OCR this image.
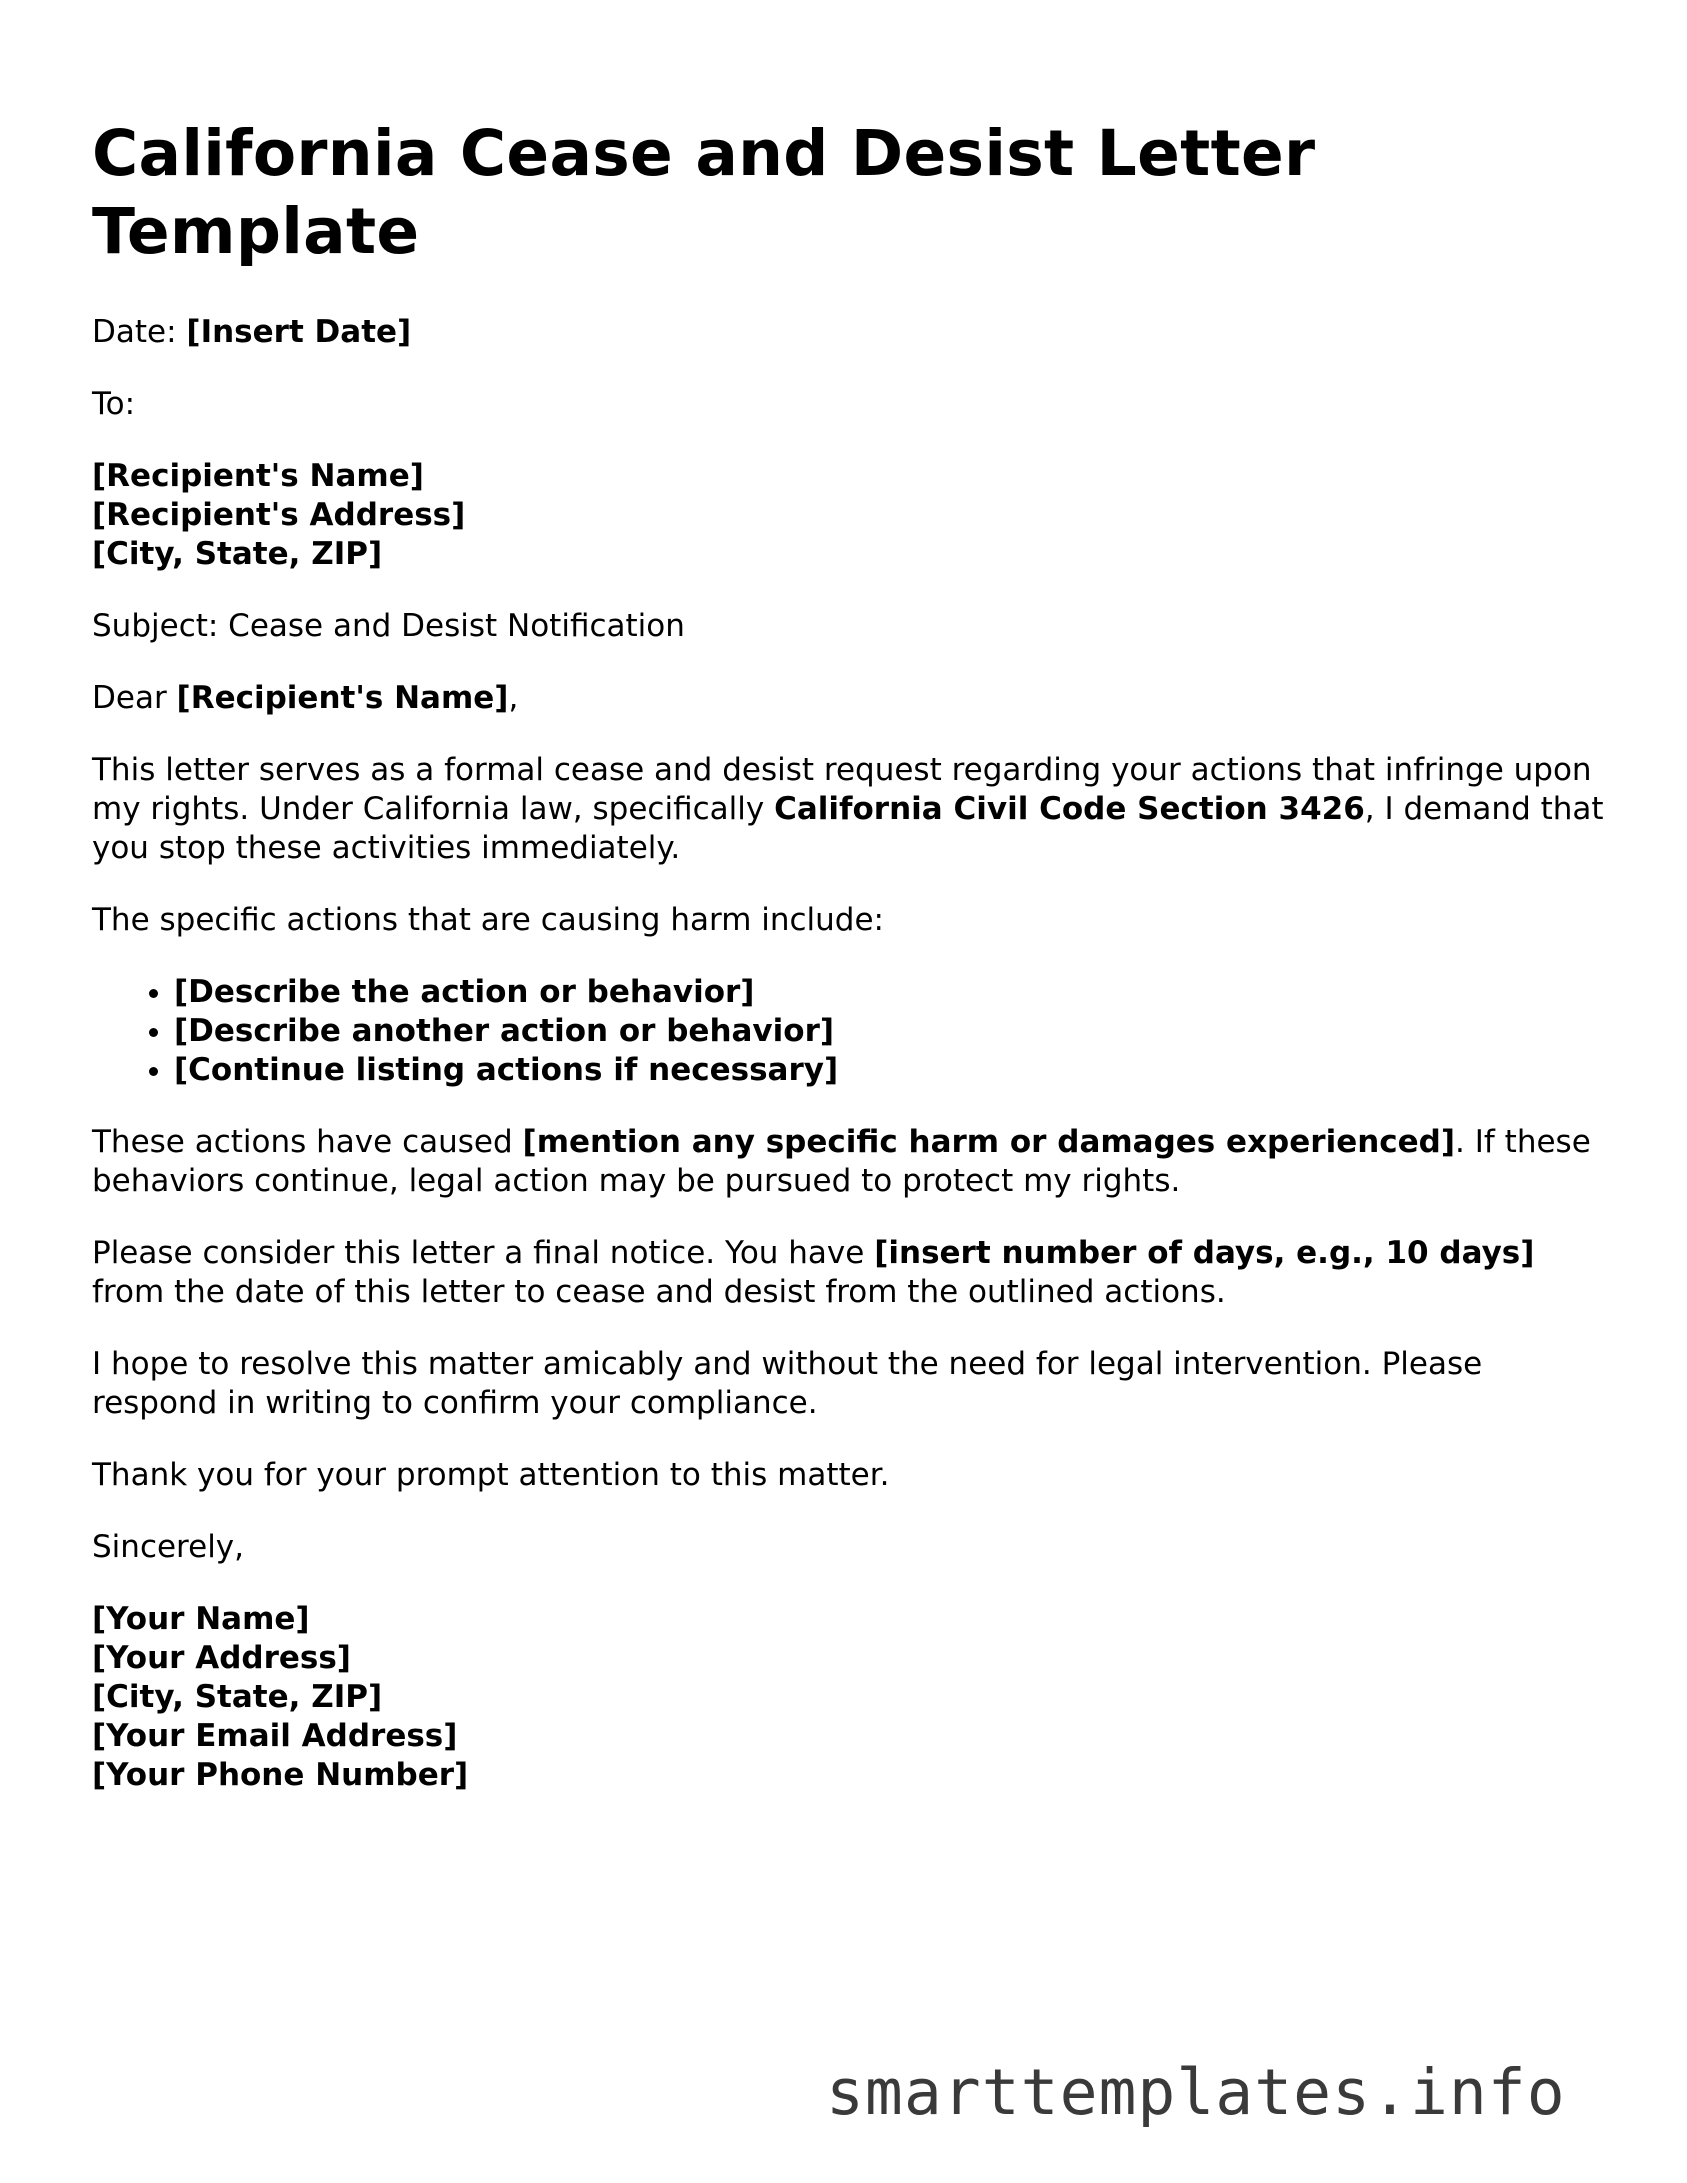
California Cease and Desist Letter Template

Date: [Insert Date]

To:

[Recipient's Name]
[Recipient's Address]
[City, State, ZIP]

Subject: Cease and Desist Notification

Dear [Recipient's Name],

This letter serves as a formal cease and desist request regarding your actions that infringe upon my rights. Under California law, specifically California Civil Code Section 3426, I demand that you stop these activities immediately.

The specific actions that are causing harm include:

• [Describe the action or behavior]
• [Describe another action or behavior]
• [Continue listing actions if necessary]

These actions have caused [mention any specific harm or damages experienced]. If these behaviors continue, legal action may be pursued to protect my rights.

Please consider this letter a final notice. You have [insert number of days, e.g., 10 days] from the date of this letter to cease and desist from the outlined actions.

I hope to resolve this matter amicably and without the need for legal intervention. Please respond in writing to confirm your compliance.

Thank you for your prompt attention to this matter.

Sincerely,

[Your Name]
[Your Address]
[City, State, ZIP]
[Your Email Address]
[Your Phone Number]

smarttemplates.info
